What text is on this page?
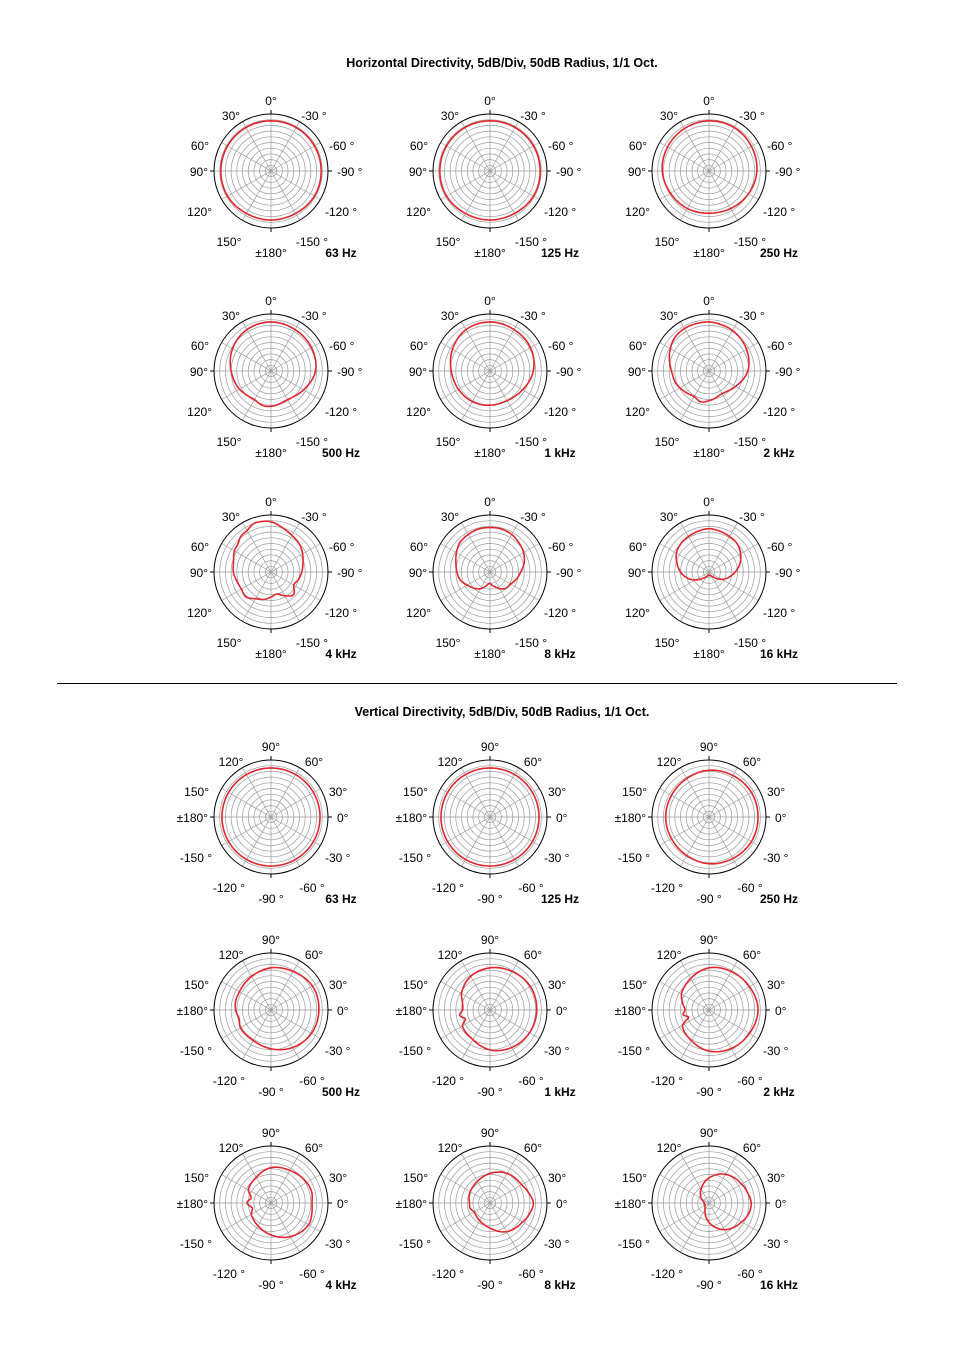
Horizontal Directivity, 5dB/Div, 50dB Radius, 1/1 Oct.
Vertical Directivity, 5dB/Div, 50dB Radius, 1/1 Oct.
0°
30°	-30 °
60°	-60 °
90°	-90 °
120°	-120 °
150°	-150 °
±180°	63 Hz
0°
30°	-30 °
60°	-60 °
90°	-90 °
120°	-120 °
150°	-150 °
±180°	125 Hz
0°
30°	-30 °
60°	-60 °
90°	-90 °
120°	-120 °
150°	-150 °
±180°	250 Hz
0°
30°	-30 °
60°	-60 °
90°	-90 °
120°	-120 °
150°	-150 °
±180°	500 Hz
0°
30°	-30 °
60°	-60 °
90°	-90 °
120°	-120 °
150°	-150 °
±180°	1 kHz
0°
30°	-30 °
60°	-60 °
90°	-90 °
120°	-120 °
150°	-150 °
±180°	2 kHz
0°
30°	-30 °
60°	-60 °
90°	-90 °
120°	-120 °
150°	-150 °
±180°	4 kHz
0°
30°	-30 °
60°	-60 °
90°	-90 °
120°	-120 °
150°	-150 °
±180°	8 kHz
0°
30°	-30 °
60°	-60 °
90°	-90 °
120°	-120 °
150°	-150 °
±180°	16 kHz
90°
120°	60°
150°	30°
±180°	0°
-150 °	-30 °
-120 °	-60 °
-90 °	63 Hz
90°
120°	60°
150°	30°
±180°	0°
-150 °	-30 °
-120 °	-60 °
-90 °	125 Hz
90°
120°	60°
150°	30°
±180°	0°
-150 °	-30 °
-120 °	-60 °
-90 °	250 Hz
90°
120°	60°
150°	30°
±180°	0°
-150 °	-30 °
-120 °	-60 °
-90 °	500 Hz
90°
120°	60°
150°	30°
±180°	0°
-150 °	-30 °
-120 °	-60 °
-90 °	1 kHz
90°
120°	60°
150°	30°
±180°	0°
-150 °	-30 °
-120 °	-60 °
-90 °	2 kHz
90°
120°	60°
150°	30°
±180°	0°
-150 °	-30 °
-120 °	-60 °
-90 °	4 kHz
90°
120°	60°
150°	30°
±180°	0°
-150 °	-30 °
-120 °	-60 °
-90 °	8 kHz
90°
120°	60°
150°	30°
±180°	0°
-150 °	-30 °
-120 °	-60 °
-90 °	16 kHz
